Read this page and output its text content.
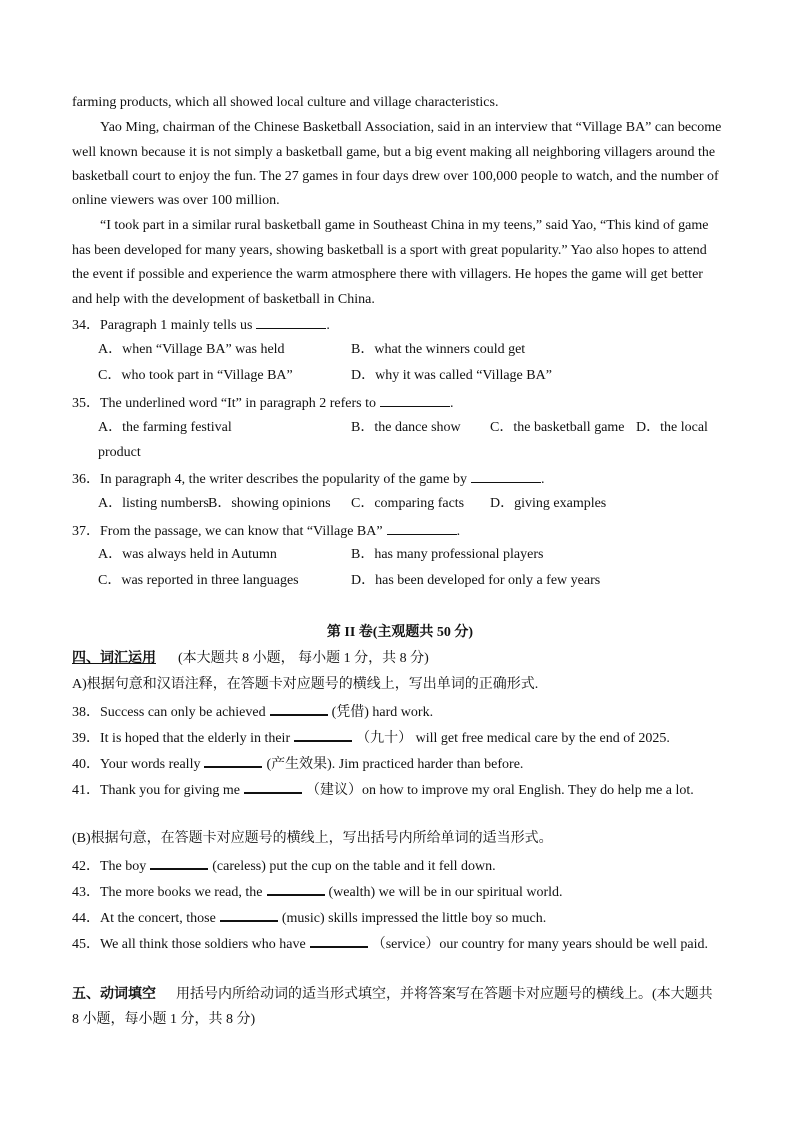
farming products, which all showed local culture and village characteristics.
Yao Ming, chairman of the Chinese Basketball Association, said in an interview that “Village BA” can become
well known because it is not simply a basketball game, but a big event making all neighboring villagers around the
basketball court to enjoy the fun. The 27 games in four days drew over 100,000 people to watch, and the number of
online viewers was over 100 million.
“I took part in a similar rural basketball game in Southeast China in my teens,” said Yao, “This kind of game
has been developed for many years, showing basketball is a sport with great popularity.” Yao also hopes to attend
the event if possible and experience the warm atmosphere there with villagers. He hopes the game will get better
and help with the development of basketball in China.
34．Paragraph 1 mainly tells us	.
A．when “Village BA” was held	B．what the winners could get
C．who took part in “Village BA”	D．why it was called “Village BA”
35．The underlined word “It” in paragraph 2 refers to	.
A．the farming festival	B．the dance show C．the basketball game D．the local
product
36．In paragraph 4, the writer describes the popularity of the game by	.
A．listing numbers B．showing opinions C．comparing facts D．giving examples
37．From the passage, we can know that “Village BA”	.
A．was always held in Autumn	B．has many professional players
C．was reported in three languages	D．has been developed for only a few years
第 II 卷(主观题共 50 分)
四、词汇运用 (本大题共 8 小题， 每小题 1 分，共 8 分)
A)根据句意和汉语注释，在答题卡对应题号的横线上，写出单词的正确形式.
38．Success can only be achieved	(凭借) hard work.
39．It is hoped that the elderly in their	（九十） will get free medical care by the end of 2025.
40．Your words really	(产生效果). Jim practiced harder than before.
41．Thank you for giving me	（建议）on how to improve my oral English. They do help me a lot.
(B)根据句意，在答题卡对应题号的横线上，写出括号内所给单词的适当形式。
42．The boy	(careless) put the cup on the table and it fell down.
43．The more books we read, the	(wealth) we will be in our spiritual world.
44．At the concert, those	(music) skills impressed the little boy so much.
45．We all think those soldiers who have	（service）our country for many years should be well paid.
五、动词填空 用括号内所给动词的适当形式填空，并将答案写在答题卡对应题号的横线上。(本大题共
8 小题，每小题 1 分，共 8 分)
